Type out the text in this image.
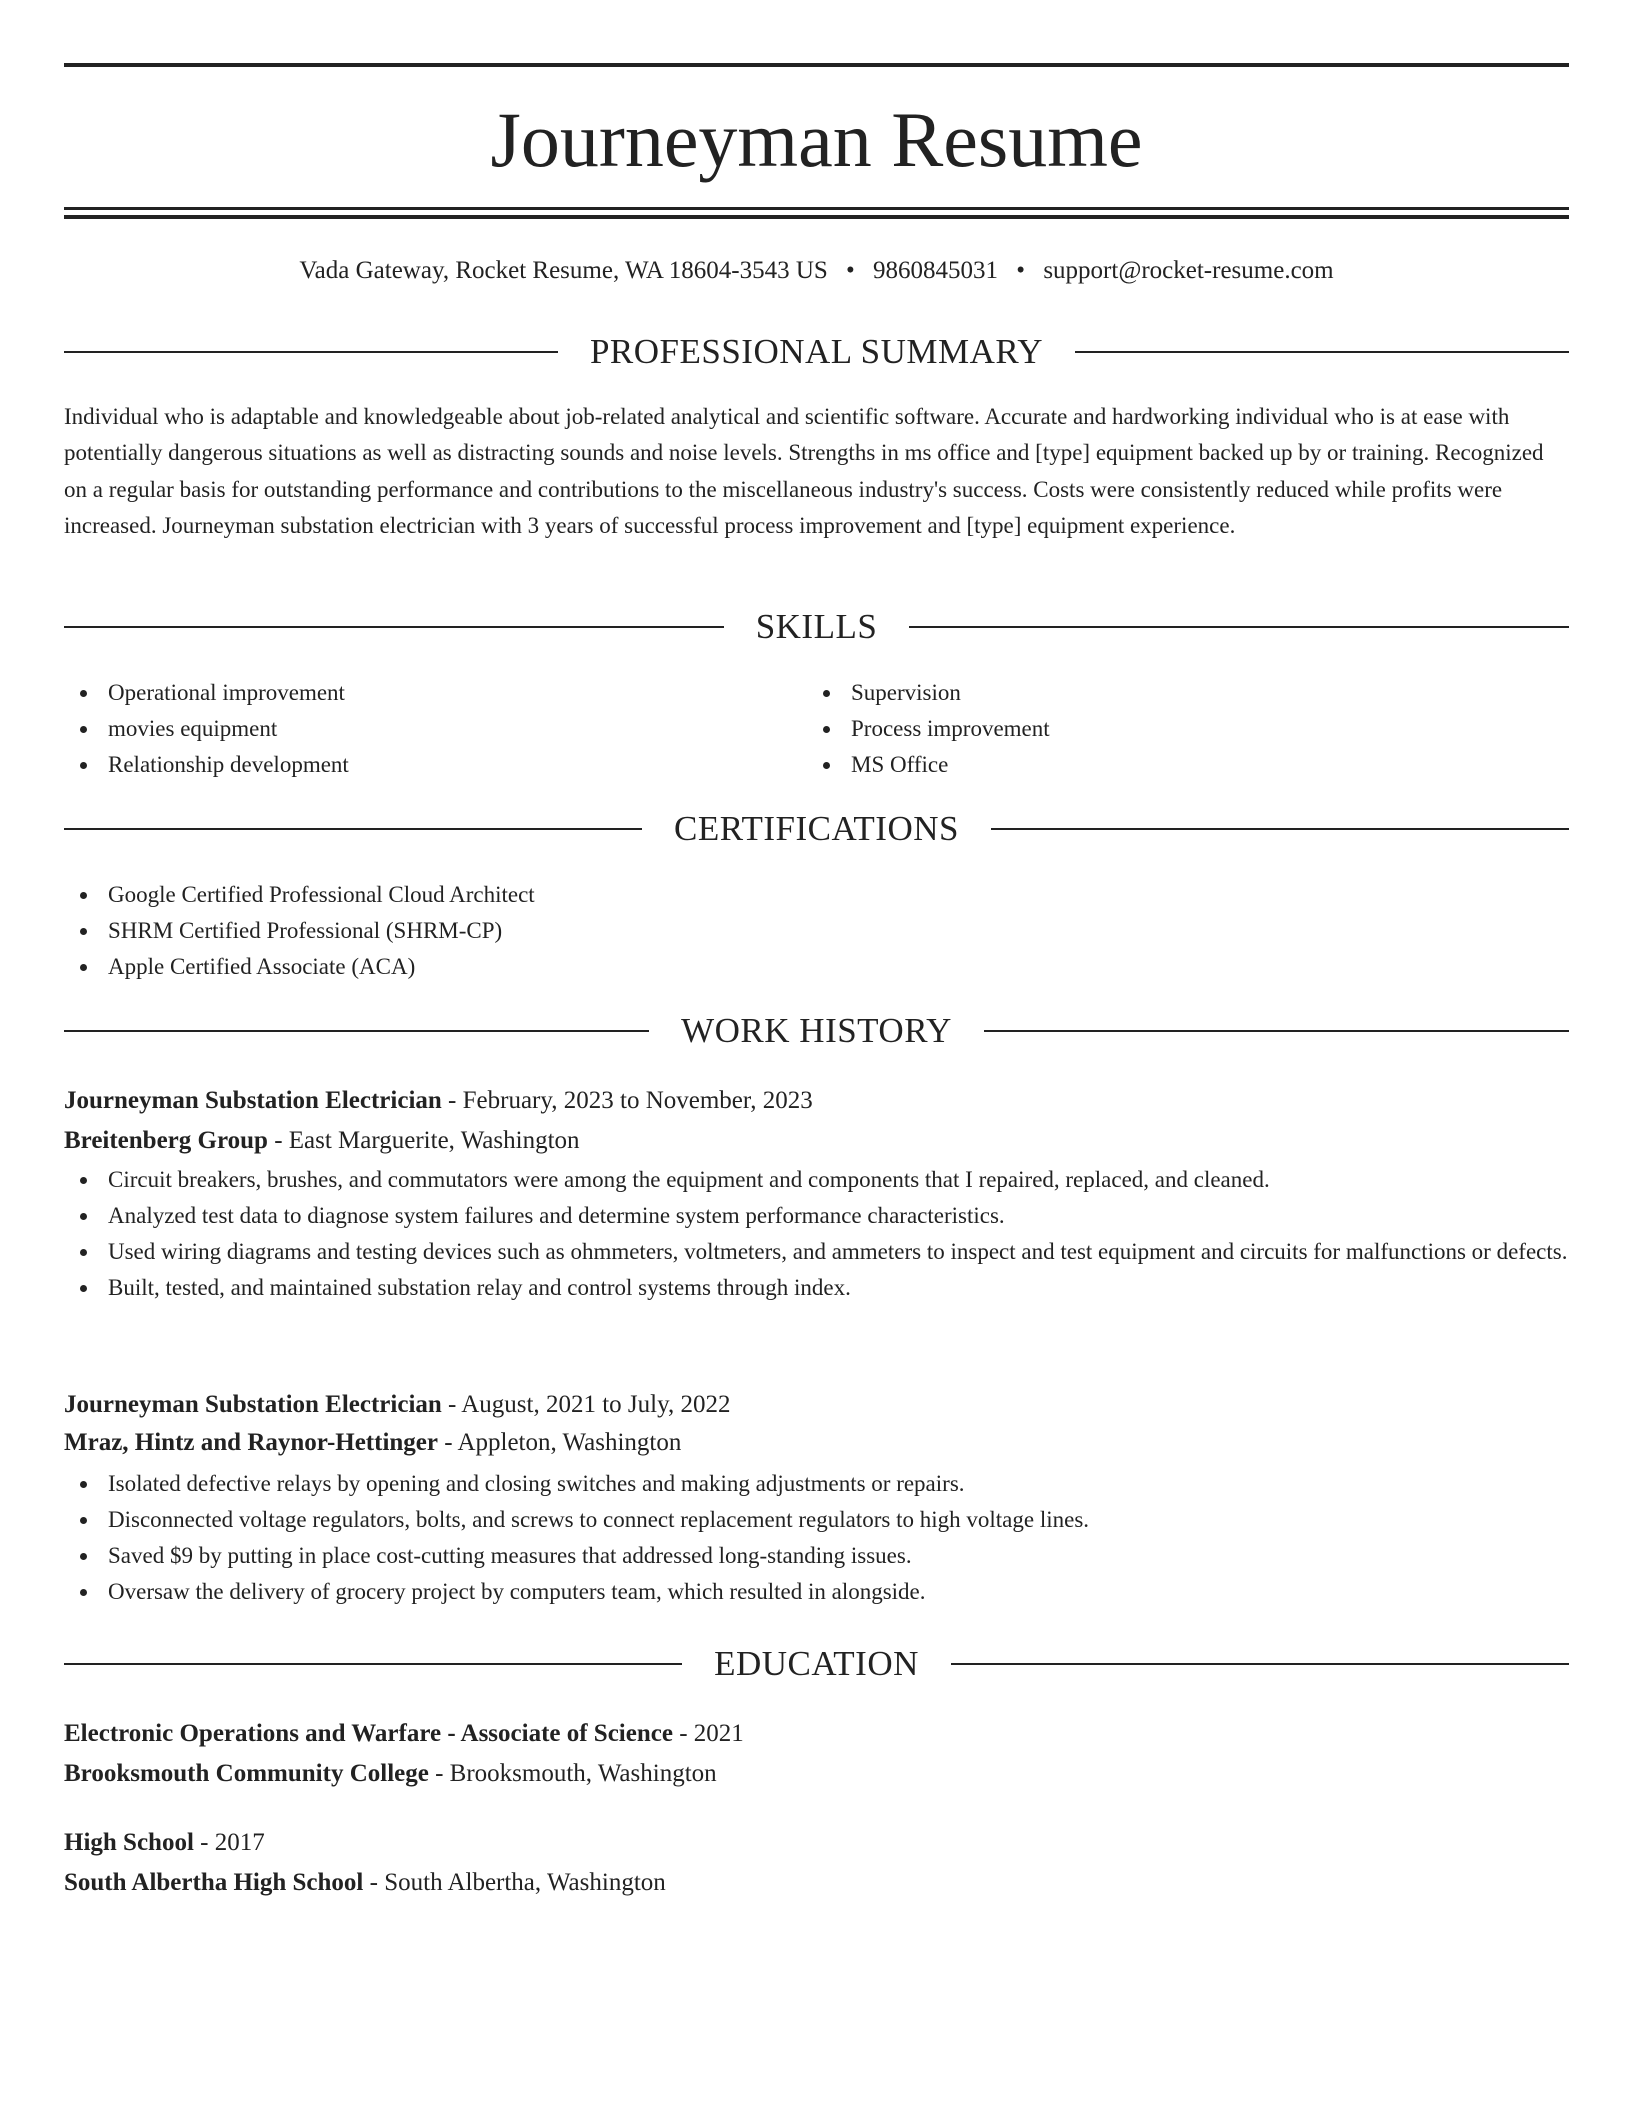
Journeyman Resume
Vada Gateway, Rocket Resume, WA 18604-3543 US • 9860845031 • support@rocket-resume.com
PROFESSIONAL SUMMARY
Individual who is adaptable and knowledgeable about job-related analytical and scientific software. Accurate and hardworking individual who is at ease with potentially dangerous situations as well as distracting sounds and noise levels. Strengths in ms office and [type] equipment backed up by or training. Recognized on a regular basis for outstanding performance and contributions to the miscellaneous industry's success. Costs were consistently reduced while profits were increased. Journeyman substation electrician with 3 years of successful process improvement and [type] equipment experience.
SKILLS
Operational improvement
movies equipment
Relationship development
Supervision
Process improvement
MS Office
CERTIFICATIONS
Google Certified Professional Cloud Architect
SHRM Certified Professional (SHRM-CP)
Apple Certified Associate (ACA)
WORK HISTORY
Journeyman Substation Electrician - February, 2023 to November, 2023
Breitenberg Group - East Marguerite, Washington
Circuit breakers, brushes, and commutators were among the equipment and components that I repaired, replaced, and cleaned.
Analyzed test data to diagnose system failures and determine system performance characteristics.
Used wiring diagrams and testing devices such as ohmmeters, voltmeters, and ammeters to inspect and test equipment and circuits for malfunctions or defects.
Built, tested, and maintained substation relay and control systems through index.
Journeyman Substation Electrician - August, 2021 to July, 2022
Mraz, Hintz and Raynor-Hettinger - Appleton, Washington
Isolated defective relays by opening and closing switches and making adjustments or repairs.
Disconnected voltage regulators, bolts, and screws to connect replacement regulators to high voltage lines.
Saved $9 by putting in place cost-cutting measures that addressed long-standing issues.
Oversaw the delivery of grocery project by computers team, which resulted in alongside.
EDUCATION
Electronic Operations and Warfare - Associate of Science - 2021
Brooksmouth Community College - Brooksmouth, Washington
High School - 2017
South Albertha High School - South Albertha, Washington
